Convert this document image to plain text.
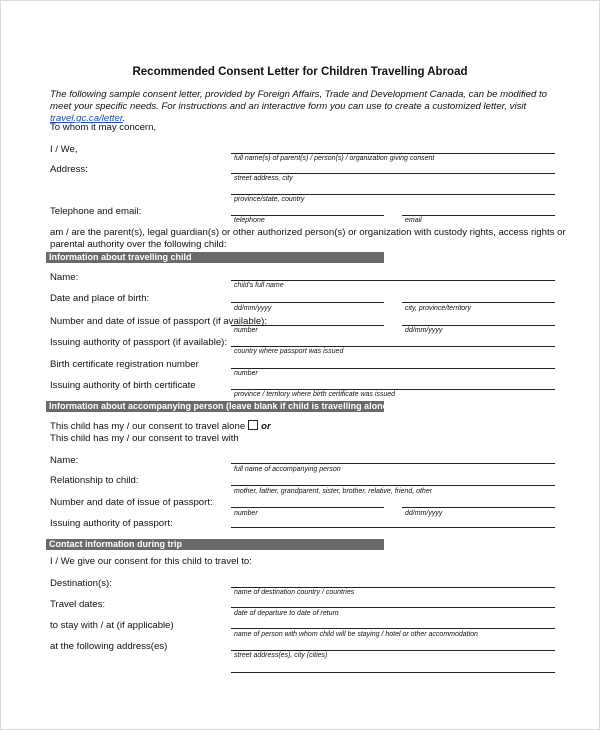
Recommended Consent Letter for Children Travelling Abroad
The following sample consent letter, provided by Foreign Affairs, Trade and Development Canada, can be modified to meet your specific needs. For instructions and an interactive form you can use to create a customized letter, visit travel.gc.ca/letter.
To whom it may concern,
I / We,
full name(s) of parent(s) / person(s) / organization giving consent
Address:
street address, city
province/state, country
Telephone and email:
telephone	email
am / are the parent(s), legal guardian(s) or other authorized person(s) or organization with custody rights, access rights or
parental authority over the following child:
Information about travelling child
Name:
child's full name
Date and place of birth:
dd/mm/yyyy	city, province/territory
Number and date of issue of passport (if available):
number	dd/mm/yyyy
Issuing authority of passport (if available):
country where passport was issued
Birth certificate registration number
number
Issuing authority of birth certificate
province / territory where birth certificate was issued
Information about accompanying person (leave blank if child is travelling alone)
This child has my / our consent to travel alone or
This child has my / our consent to travel with
Name:
full name of accompanying person
Relationship to child:
mother, father, grandparent, sister, brother, relative, friend, other
Number and date of issue of passport:
number	dd/mm/yyyy
Issuing authority of passport:
Contact information during trip
I / We give our consent for this child to travel to:
Destination(s):
name of destination country / countries
Travel dates:
date of departure to date of return
to stay with / at (if applicable)
name of person with whom child will be staying / hotel or other accommodation
at the following address(es)
street address(es), city (cities)
